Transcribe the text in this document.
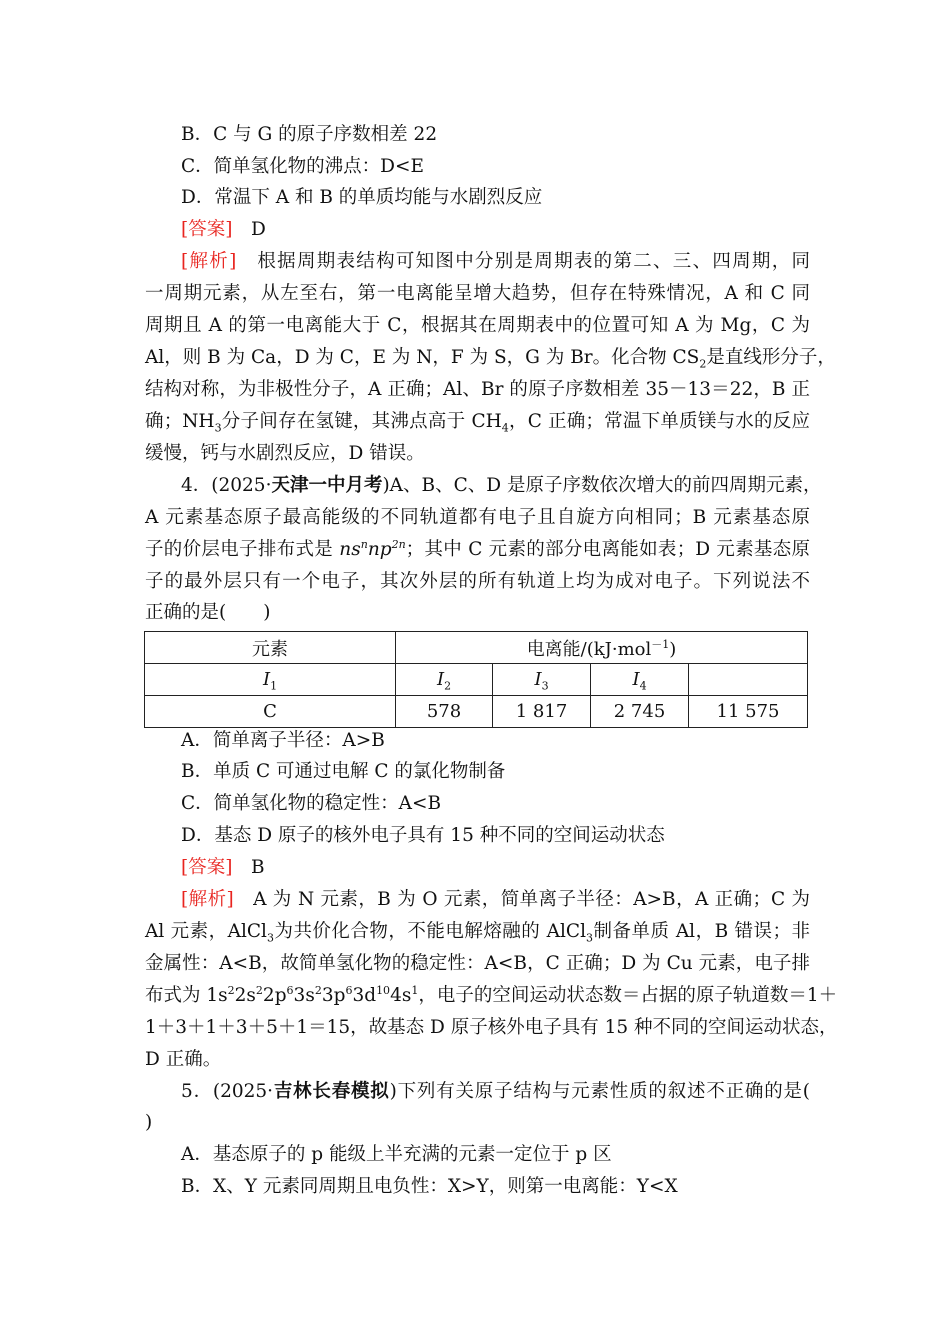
B．C 与 G 的原子序数相差 22
C．简单氢化物的沸点：D<E
D．常温下 A 和 B 的单质均能与水剧烈反应
[答案]　 D
[解析]　 根据周期表结构可知图中分别是周期表的第二、三、四周期，同
一周期元素，从左至右，第一电离能呈增大趋势，但存在特殊情况，A 和 C 同
周期且 A 的第一电离能大于 C，根据其在周期表中的位置可知 A 为 Mg，C 为
Al，则 B 为 Ca，D 为 C，E 为 N，F 为 S，G 为 Br。化合物 $CS_2$是直线形分子，
结构对称，为非极性分子，A 正确；Al、Br 的原子序数相差 35－13＝22，B 正
确；$NH_3$分子间存在氢键，其沸点高于 $CH_4$，C 正确；常温下单质镁与水的反应
缓慢，钙与水剧烈反应，D 错误。
4．(2025·天津一中月考)A、B、C、D 是原子序数依次增大的前四周期元素，
A 元素基态原子最高能级的不同轨道都有电子且自旋方向相同；B 元素基态原
子的价层电子排布式是 $ns^nnp^{2n}$；其中 C 元素的部分电离能如表；D 元素基态原
子的最外层只有一个电子，其次外层的所有轨道上均为成对电子。下列说法不
正确的是(　　)
元素	电离能/(kJ·mol$^{-1}$)			
$I_1$	$I_2$	$I_3$	$I_4$	
C	578	1 817	2 745	11 575
A．简单离子半径：A>B
B．单质 C 可通过电解 C 的氯化物制备
C．简单氢化物的稳定性：A<B
D．基态 D 原子的核外电子具有 15 种不同的空间运动状态
[答案]　 B
[解析]　 A 为 N 元素，B 为 O 元素，简单离子半径：A>B，A 正确；C 为
Al 元素，AlCl$_3$为共价化合物，不能电解熔融的 AlCl$_3$制备单质 Al，B 错误；非
金属性：A<B，故简单氢化物的稳定性：A<B，C 正确；D 为 Cu 元素，电子排
布式为 $1s^22s^22p^63s^23p^63d^{10}4s^1$，电子的空间运动状态数＝占据的原子轨道数＝1＋
1＋3＋1＋3＋5＋1＝15，故基态 D 原子核外电子具有 15 种不同的空间运动状态，
D 正确。
5．(2025·吉林长春模拟)下列有关原子结构与元素性质的叙述不正确的是(
)
A．基态原子的 p 能级上半充满的元素一定位于 p 区
B．X、Y 元素同周期且电负性：X>Y，则第一电离能：Y<X
